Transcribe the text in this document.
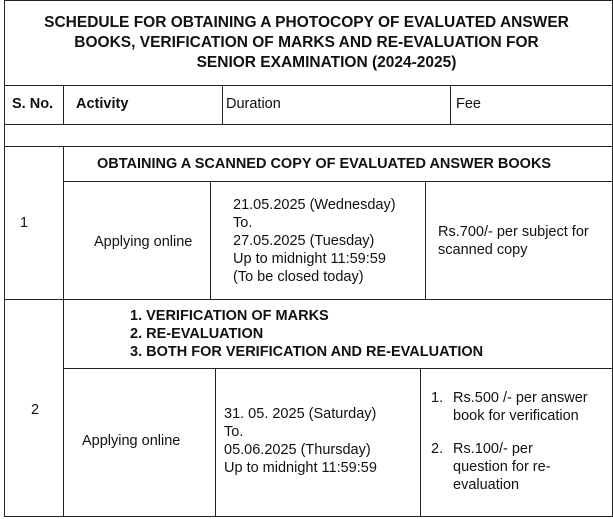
SCHEDULE FOR OBTAINING A PHOTOCOPY OF EVALUATED ANSWER
BOOKS, VERIFICATION OF MARKS AND RE-EVALUATION FOR
SENIOR EXAMINATION (2024-2025)
S. No. Activity	Duration	Fee
1
OBTAINING A SCANNED COPY OF EVALUATED ANSWER BOOKS
Applying online
21.05.2025 (Wednesday)
To.
27.05.2025 (Tuesday)
Up to midnight 11:59:59
(To be closed today)
Rs.700/- per subject for
scanned copy
2
1. VERIFICATION OF MARKS
2. RE-EVALUATION
3. BOTH FOR VERIFICATION AND RE-EVALUATION
Applying online
31. 05. 2025 (Saturday)
To.
05.06.2025 (Thursday)
Up to midnight 11:59:59
1. Rs.500 /- per answer
book for verification
2. Rs.100/- per
question for re-
evaluation
